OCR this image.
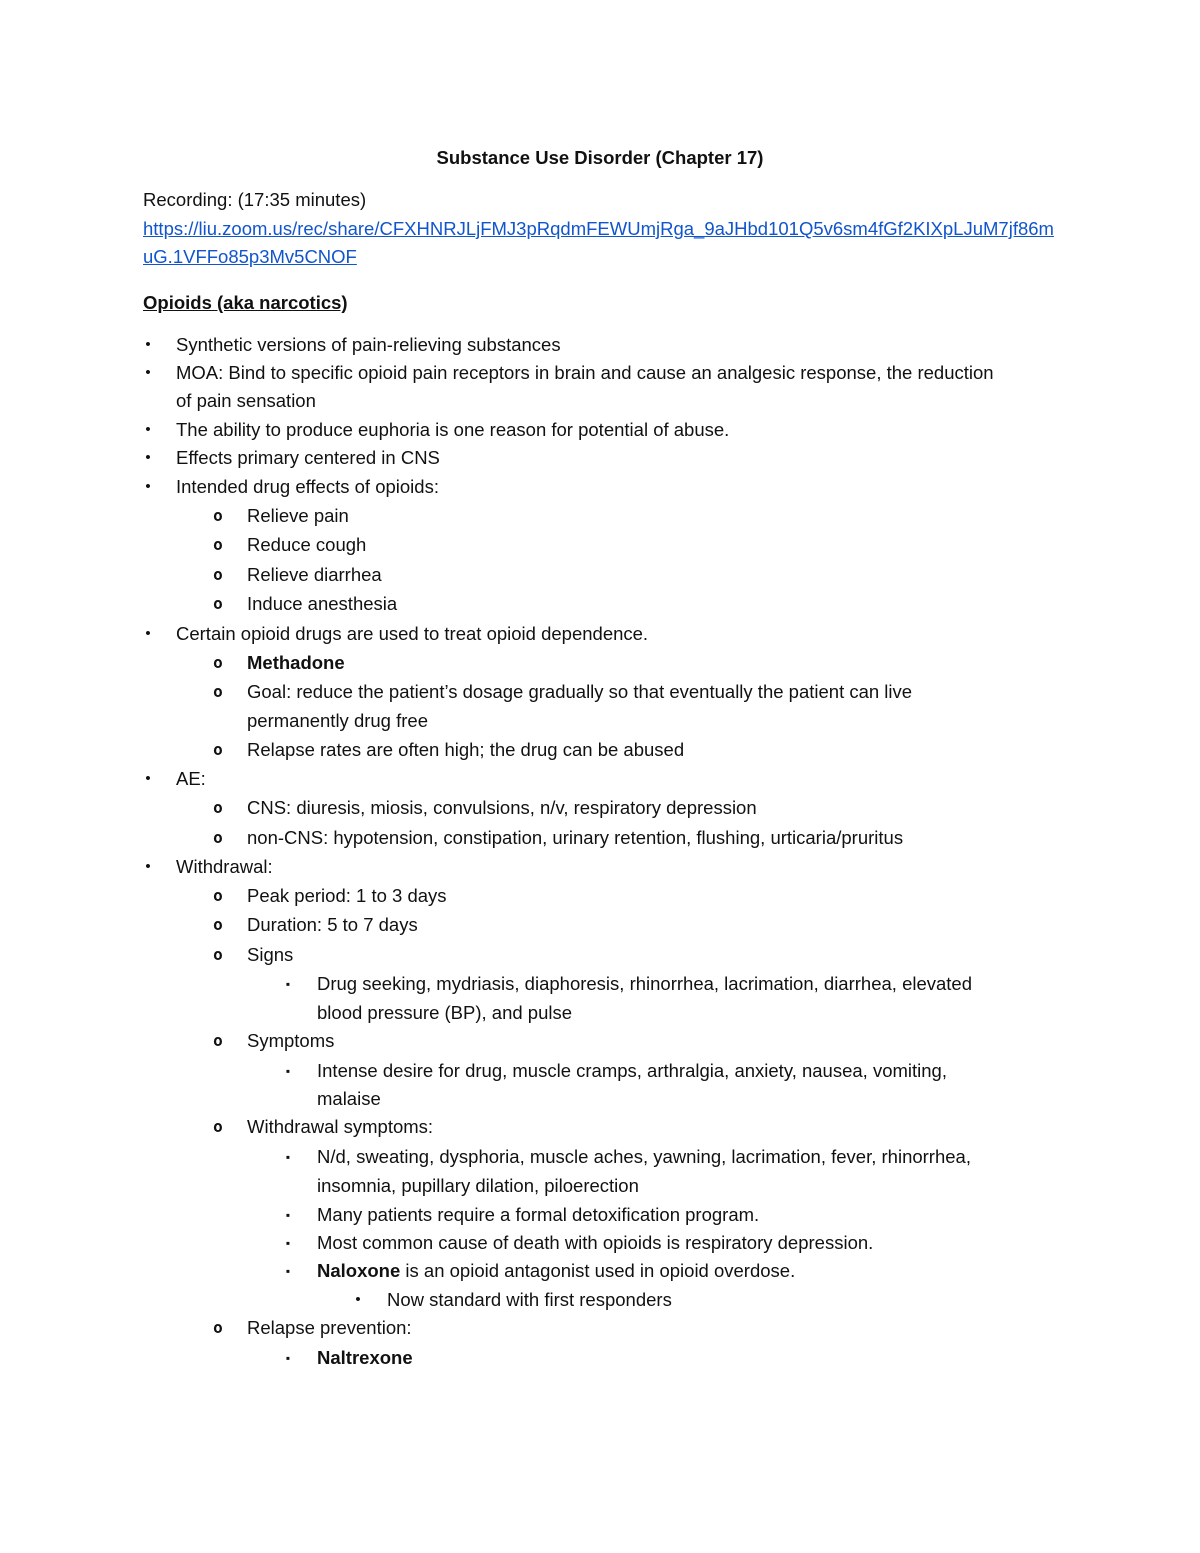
Substance Use Disorder (Chapter 17)
Recording: (17:35 minutes)
https://liu.zoom.us/rec/share/CFXHNRJLjFMJ3pRqdmFEWUmjRga_9aJHbd101Q5v6sm4fGf2KIXpLJuM7jf86muG.1VFFo85p3Mv5CNOF
Opioids (aka narcotics)
• Synthetic versions of pain-relieving substances
• MOA: Bind to specific opioid pain receptors in brain and cause an analgesic response, the reduction
of pain sensation
• The ability to produce euphoria is one reason for potential of abuse.
• Effects primary centered in CNS
• Intended drug effects of opioids:
o Relieve pain
o Reduce cough
o Relieve diarrhea
o Induce anesthesia
• Certain opioid drugs are used to treat opioid dependence.
o Methadone
o Goal: reduce the patient’s dosage gradually so that eventually the patient can live
permanently drug free
o Relapse rates are often high; the drug can be abused
• AE:
o CNS: diuresis, miosis, convulsions, n/v, respiratory depression
o non-CNS: hypotension, constipation, urinary retention, flushing, urticaria/pruritus
• Withdrawal:
o Peak period: 1 to 3 days
o Duration: 5 to 7 days
o Signs
▪	Drug seeking, mydriasis, diaphoresis, rhinorrhea, lacrimation, diarrhea, elevated
blood pressure (BP), and pulse
o Symptoms
▪	Intense desire for drug, muscle cramps, arthralgia, anxiety, nausea, vomiting,
malaise
o Withdrawal symptoms:
▪	N/d, sweating, dysphoria, muscle aches, yawning, lacrimation, fever, rhinorrhea,
insomnia, pupillary dilation, piloerection
▪	Many patients require a formal detoxification program.
▪	Most common cause of death with opioids is respiratory depression.
▪	Naloxone is an opioid antagonist used in opioid overdose.
• Now standard with first responders
o Relapse prevention:
▪	Naltrexone
